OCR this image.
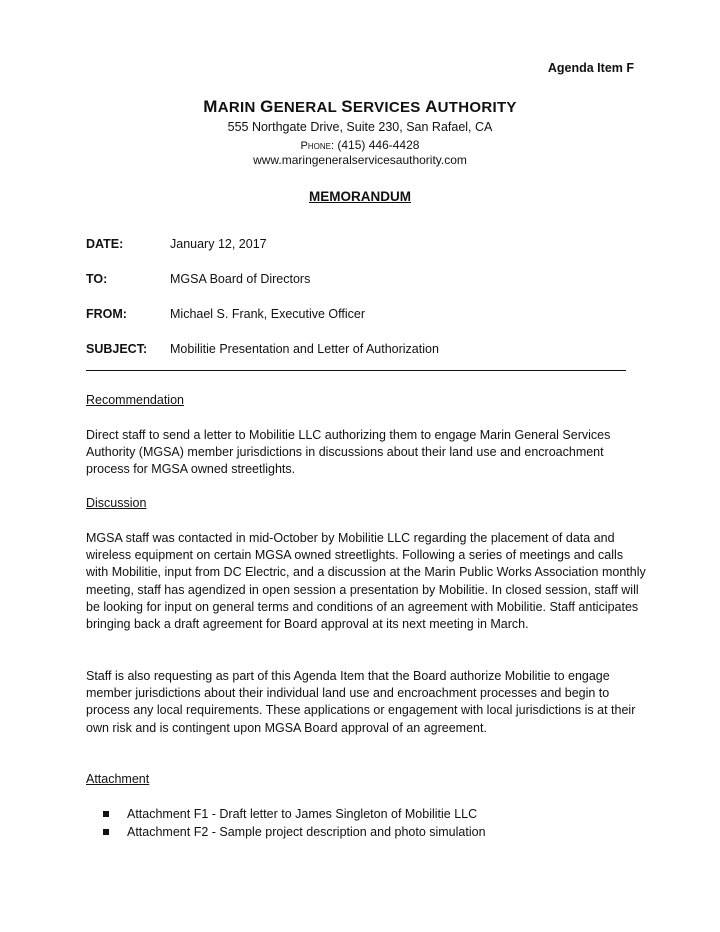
Agenda Item F
MARIN GENERAL SERVICES AUTHORITY
555 Northgate Drive, Suite 230, San Rafael, CA
Phone: (415) 446-4428
www.maringeneralservicesauthority.com
MEMORANDUM
DATE:	January 12, 2017
TO:	MGSA Board of Directors
FROM:	Michael S. Frank, Executive Officer
SUBJECT: Mobilitie Presentation and Letter of Authorization
Recommendation

Direct staff to send a letter to Mobilitie LLC authorizing them to engage Marin General Services Authority (MGSA) member jurisdictions in discussions about their land use and encroachment process for MGSA owned streetlights.

Discussion

MGSA staff was contacted in mid-October by Mobilitie LLC regarding the placement of data and wireless equipment on certain MGSA owned streetlights. Following a series of meetings and calls with Mobilitie, input from DC Electric, and a discussion at the Marin Public Works Association monthly meeting, staff has agendized in open session a presentation by Mobilitie. In closed session, staff will be looking for input on general terms and conditions of an agreement with Mobilitie. Staff anticipates bringing back a draft agreement for Board approval at its next meeting in March.

Staff is also requesting as part of this Agenda Item that the Board authorize Mobilitie to engage member jurisdictions about their individual land use and encroachment processes and begin to process any local requirements. These applications or engagement with local jurisdictions is at their own risk and is contingent upon MGSA Board approval of an agreement.

Attachment
Attachment F1 - Draft letter to James Singleton of Mobilitie LLC
Attachment F2 - Sample project description and photo simulation
